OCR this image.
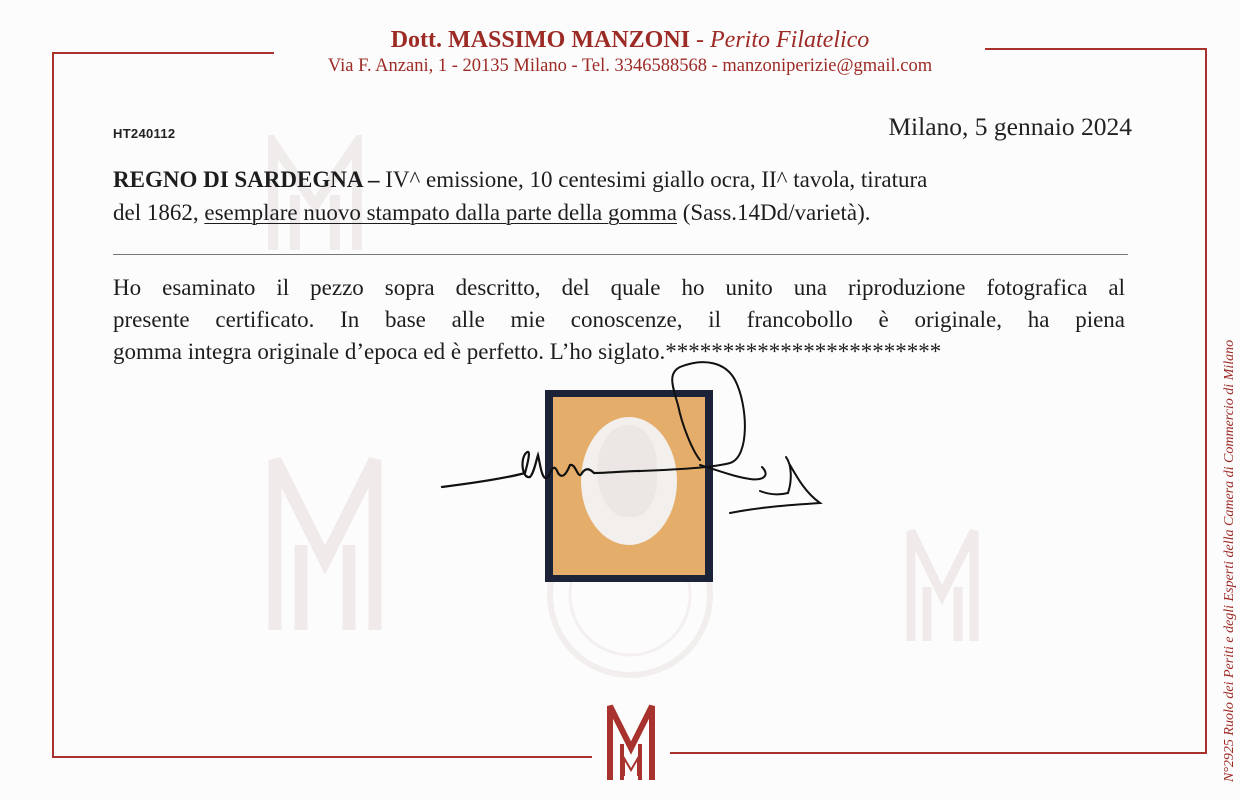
Dott. MASSIMO MANZONI - Perito Filatelico
Via F. Anzani, 1 - 20135 Milano - Tel. 3346588568 - manzoniperizie@gmail.com
HT240112	Milano, 5 gennaio 2024
REGNO DI SARDEGNA – IV^ emissione, 10 centesimi giallo ocra, II^ tavola, tiratura
del 1862, esemplare nuovo stampato dalla parte della gomma (Sass.14Dd/varietà).
Ho esaminato il pezzo sopra descritto, del quale ho unito una riproduzione fotografica al
presente certificato. In base alle mie conoscenze, il francobollo è originale, ha piena
gomma integra originale d’epoca ed è perfetto. L’ho siglato.************************	N°2925 Ruolo dei Periti e degli Esperti della Camera di Commercio di Milano
